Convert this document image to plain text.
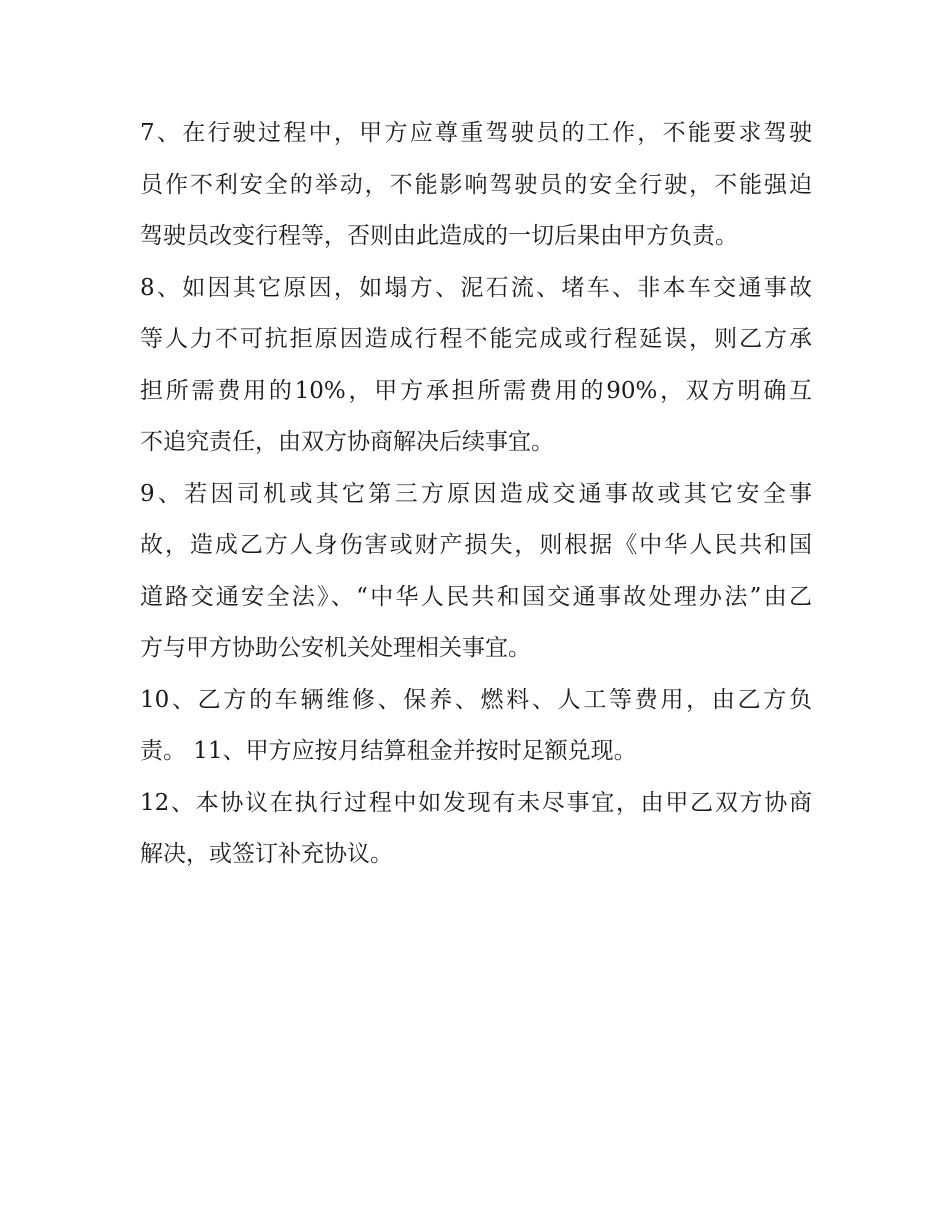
7、在行驶过程中，甲方应尊重驾驶员的工作，不能要求驾驶
员作不利安全的举动，不能影响驾驶员的安全行驶，不能强迫
驾驶员改变行程等，否则由此造成的一切后果由甲方负责。
8、如因其它原因，如塌方、泥石流、堵车、非本车交通事故
等人力不可抗拒原因造成行程不能完成或行程延误，则乙方承
担所需费用的10%，甲方承担所需费用的90%，双方明确互
不追究责任，由双方协商解决后续事宜。
9、若因司机或其它第三方原因造成交通事故或其它安全事
故，造成乙方人身伤害或财产损失，则根据《中华人民共和国
道路交通安全法》、“中华人民共和国交通事故处理办法”由乙
方与甲方协助公安机关处理相关事宜。
10、乙方的车辆维修、保养、燃料、人工等费用，由乙方负
责。 11、甲方应按月结算租金并按时足额兑现。
12、本协议在执行过程中如发现有未尽事宜，由甲乙双方协商
解决，或签订补充协议。
